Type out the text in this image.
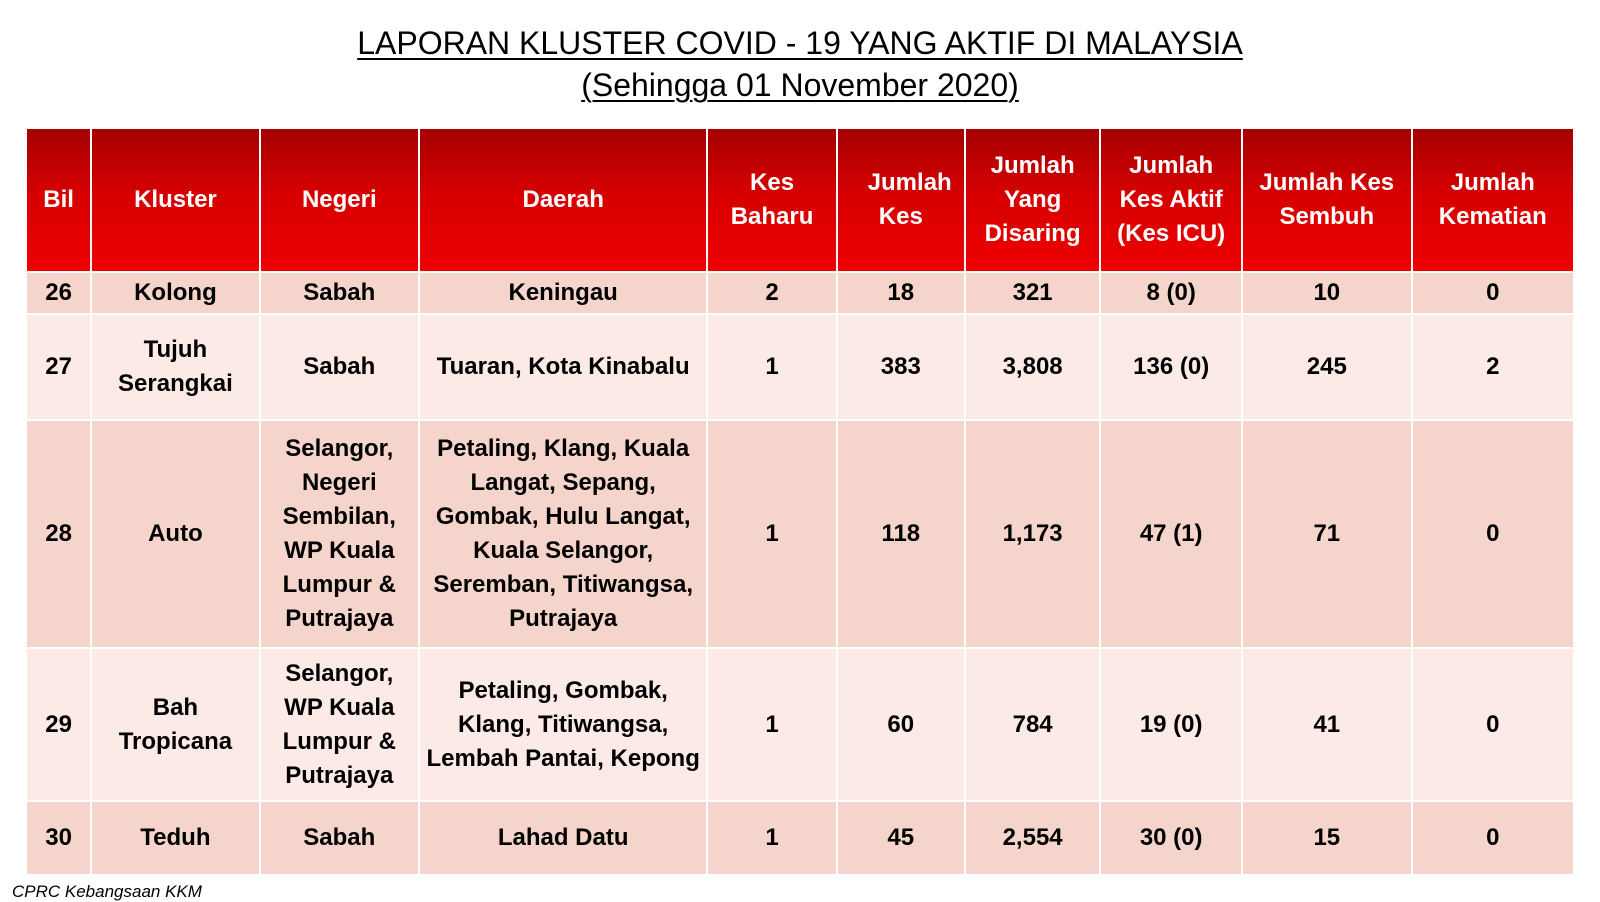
LAPORAN KLUSTER COVID - 19 YANG AKTIF DI MALAYSIA
(Sehingga 01 November 2020)
Bil	Kluster	Negeri	Daerah	Kes Baharu	Jumlah Kes	Jumlah Yang Disaring	Jumlah Kes Aktif (Kes ICU)	Jumlah Kes Sembuh	Jumlah Kematian
26	Kolong	Sabah	Keningau	2	18	321	8 (0)	10	0
27	Tujuh Serangkai	Sabah	Tuaran, Kota Kinabalu	1	383	3,808	136 (0)	245	2
28	Auto	Selangor, Negeri Sembilan, WP Kuala Lumpur & Putrajaya	Petaling, Klang, Kuala Langat, Sepang, Gombak, Hulu Langat, Kuala Selangor, Seremban, Titiwangsa, Putrajaya	1	118	1,173	47 (1)	71	0
29	Bah Tropicana	Selangor, WP Kuala Lumpur & Putrajaya	Petaling, Gombak, Klang, Titiwangsa, Lembah Pantai, Kepong	1	60	784	19 (0)	41	0
30	Teduh	Sabah	Lahad Datu	1	45	2,554	30 (0)	15	0
CPRC Kebangsaan KKM
